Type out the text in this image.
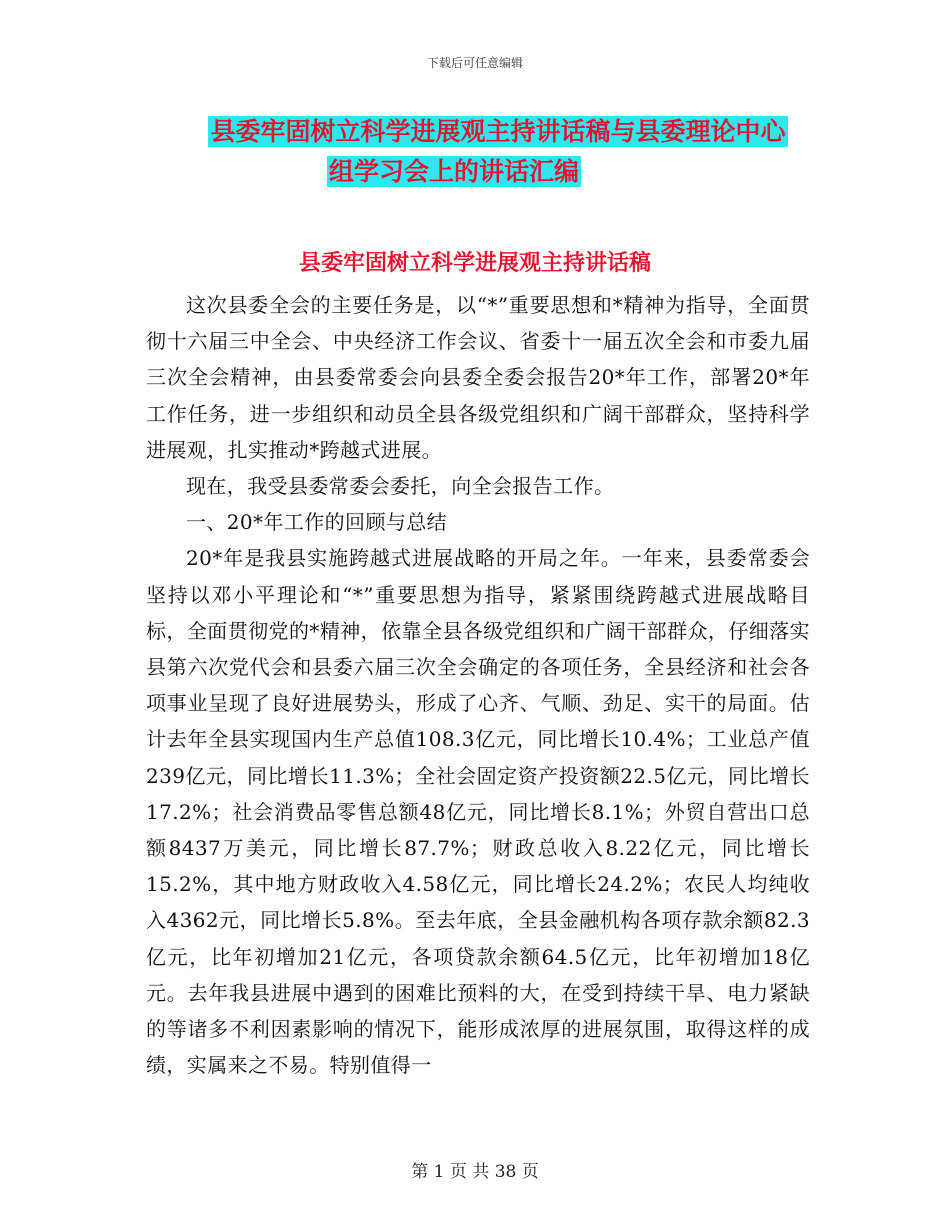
下载后可任意编辑
县委牢固树立科学进展观主持讲话稿与县委理论中心
组学习会上的讲话汇编
县委牢固树立科学进展观主持讲话稿

这次县委全会的主要任务是，以“*”重要思想和*精神为指导，全面贯彻十六届三中全会、中央经济工作会议、省委十一届五次全会和市委九届三次全会精神，由县委常委会向县委全委会报告20*年工作，部署20*年工作任务，进一步组织和动员全县各级党组织和广阔干部群众，坚持科学进展观，扎实推动*跨越式进展。

现在，我受县委常委会委托，向全会报告工作。

一、20*年工作的回顾与总结

20*年是我县实施跨越式进展战略的开局之年。一年来，县委常委会坚持以邓小平理论和“*”重要思想为指导，紧紧围绕跨越式进展战略目标，全面贯彻党的*精神，依靠全县各级党组织和广阔干部群众，仔细落实县第六次党代会和县委六届三次全会确定的各项任务，全县经济和社会各项事业呈现了良好进展势头，形成了心齐、气顺、劲足、实干的局面。估计去年全县实现国内生产总值108.3亿元，同比增长10.4%；工业总产值239亿元，同比增长11.3%；全社会固定资产投资额22.5亿元，同比增长17.2%；社会消费品零售总额48亿元，同比增长8.1%；外贸自营出口总额8437万美元，同比增长87.7%；财政总收入8.22亿元，同比增长15.2%，其中地方财政收入4.58亿元，同比增长24.2%；农民人均纯收入4362元，同比增长5.8%。至去年底，全县金融机构各项存款余额82.3亿元，比年初增加21亿元，各项贷款余额64.5亿元，比年初增加18亿元。去年我县进展中遇到的困难比预料的大，在受到持续干旱、电力紧缺的等诸多不利因素影响的情况下，能形成浓厚的进展氛围，取得这样的成绩，实属来之不易。特别值得一

第 1 页 共 38 页
